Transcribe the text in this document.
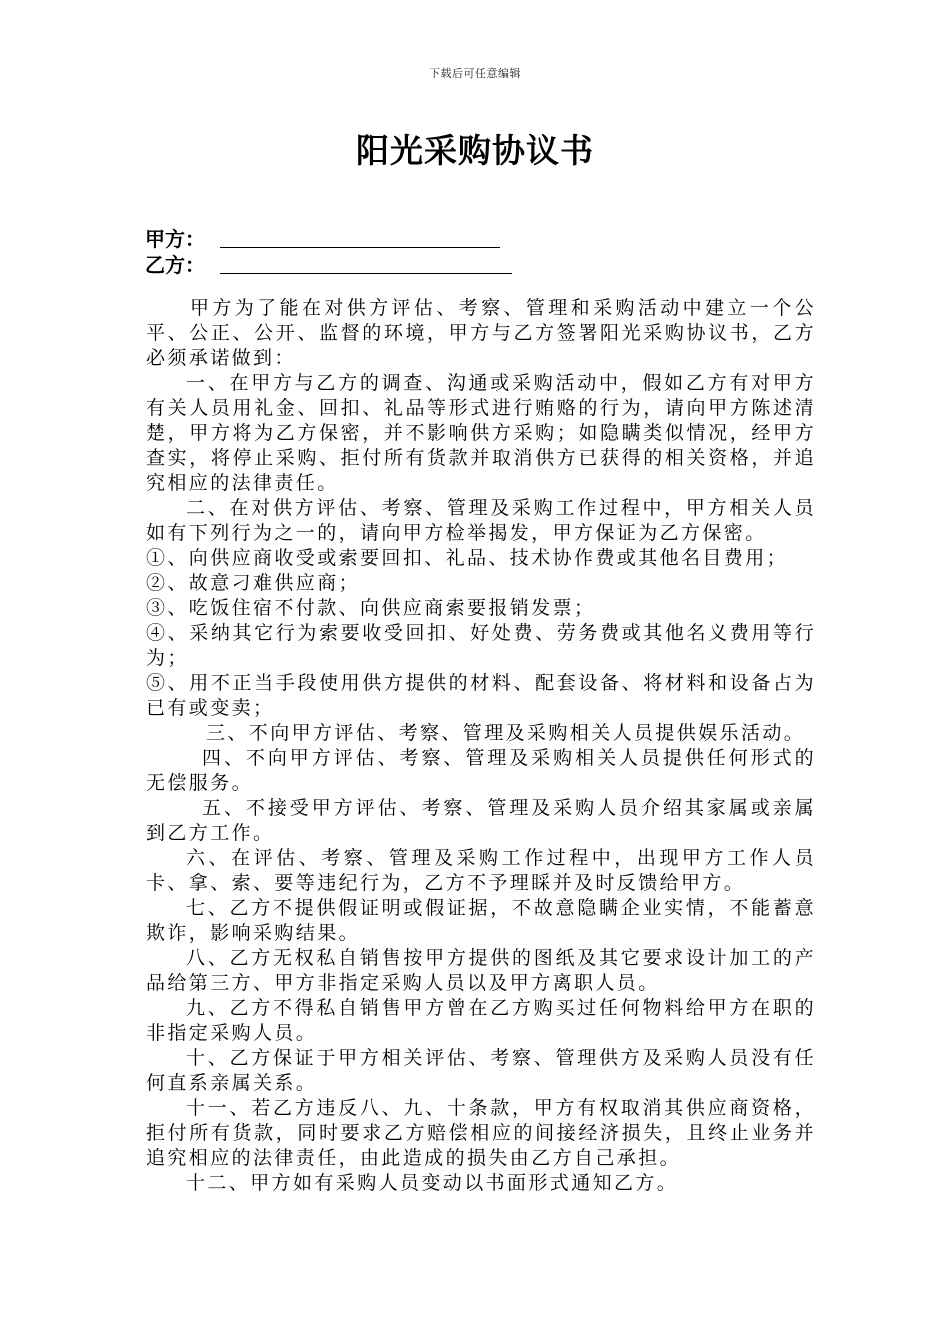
下载后可任意编辑
阳光采购协议书
甲方：
乙方：

甲方为了能在对供方评估、考察、管理和采购活动中建立一个公平、公正、公开、监督的环境，甲方与乙方签署阳光采购协议书，乙方必须承诺做到：

一、在甲方与乙方的调查、沟通或采购活动中，假如乙方有对甲方有关人员用礼金、回扣、礼品等形式进行贿赂的行为，请向甲方陈述清楚，甲方将为乙方保密，并不影响供方采购；如隐瞒类似情况，经甲方查实，将停止采购、拒付所有货款并取消供方已获得的相关资格，并追究相应的法律责任。

二、在对供方评估、考察、管理及采购工作过程中，甲方相关人员如有下列行为之一的，请向甲方检举揭发，甲方保证为乙方保密。

①、向供应商收受或索要回扣、礼品、技术协作费或其他名目费用；

②、故意刁难供应商；

③、吃饭住宿不付款、向供应商索要报销发票；

④、采纳其它行为索要收受回扣、好处费、劳务费或其他名义费用等行为；

⑤、用不正当手段使用供方提供的材料、配套设备、将材料和设备占为已有或变卖；

三、不向甲方评估、考察、管理及采购相关人员提供娱乐活动。

四、不向甲方评估、考察、管理及采购相关人员提供任何形式的无偿服务。

五、不接受甲方评估、考察、管理及采购人员介绍其家属或亲属到乙方工作。

六、在评估、考察、管理及采购工作过程中，出现甲方工作人员卡、拿、索、要等违纪行为，乙方不予理睬并及时反馈给甲方。

七、乙方不提供假证明或假证据，不故意隐瞒企业实情，不能蓄意欺诈，影响采购结果。

八、乙方无权私自销售按甲方提供的图纸及其它要求设计加工的产品给第三方、甲方非指定采购人员以及甲方离职人员。

九、乙方不得私自销售甲方曾在乙方购买过任何物料给甲方在职的非指定采购人员。

十、乙方保证于甲方相关评估、考察、管理供方及采购人员没有任何直系亲属关系。

十一、若乙方违反八、九、十条款，甲方有权取消其供应商资格，拒付所有货款，同时要求乙方赔偿相应的间接经济损失，且终止业务并追究相应的法律责任，由此造成的损失由乙方自己承担。

十二、甲方如有采购人员变动以书面形式通知乙方。
